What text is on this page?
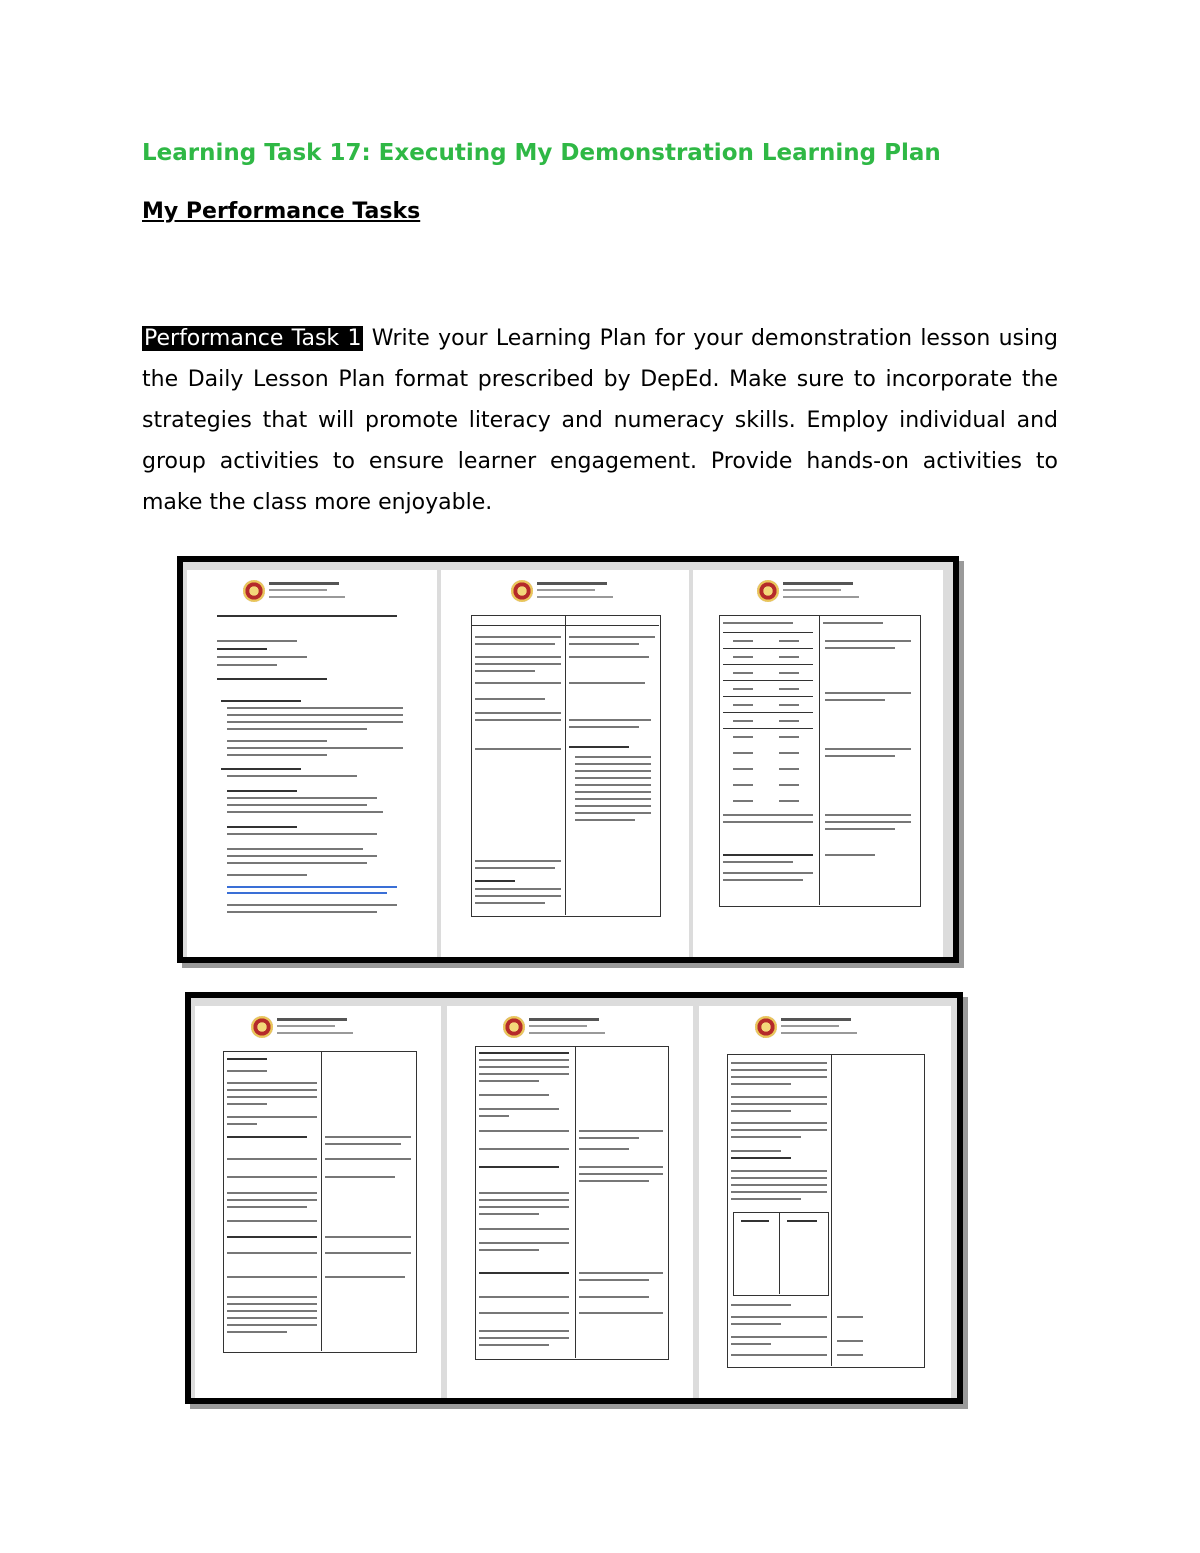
Learning Task 17: Executing My Demonstration Learning Plan
My Performance Tasks

Performance Task 1 Write your Learning Plan for your demonstration lesson using the Daily Lesson Plan format prescribed by DepEd. Make sure to incorporate the strategies that will promote literacy and numeracy skills. Employ individual and group activities to ensure learner engagement. Provide hands-on activities to make the class more enjoyable.
